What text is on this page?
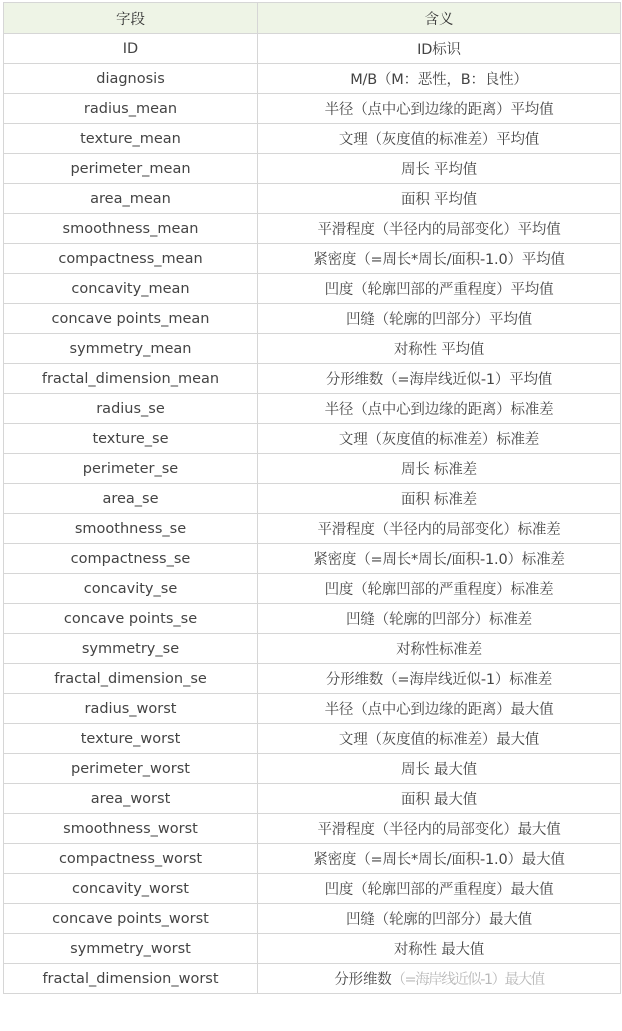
字段	含义
ID	ID标识
diagnosis	M/B（M：恶性，B：良性）
radius_mean	半径（点中心到边缘的距离）平均值
texture_mean	文理（灰度值的标准差）平均值
perimeter_mean	周长 平均值
area_mean	面积 平均值
smoothness_mean	平滑程度（半径内的局部变化）平均值
compactness_mean	紧密度（=周长*周长/面积-1.0）平均值
concavity_mean	凹度（轮廓凹部的严重程度）平均值
concave points_mean	凹缝（轮廓的凹部分）平均值
symmetry_mean	对称性 平均值
fractal_dimension_mean	分形维数（=海岸线近似-1）平均值
radius_se	半径（点中心到边缘的距离）标准差
texture_se	文理（灰度值的标准差）标准差
perimeter_se	周长 标准差
area_se	面积 标准差
smoothness_se	平滑程度（半径内的局部变化）标准差
compactness_se	紧密度（=周长*周长/面积-1.0）标准差
concavity_se	凹度（轮廓凹部的严重程度）标准差
concave points_se	凹缝（轮廓的凹部分）标准差
symmetry_se	对称性标准差
fractal_dimension_se	分形维数（=海岸线近似-1）标准差
radius_worst	半径（点中心到边缘的距离）最大值
texture_worst	文理（灰度值的标准差）最大值
perimeter_worst	周长 最大值
area_worst	面积 最大值
smoothness_worst	平滑程度（半径内的局部变化）最大值
compactness_worst	紧密度（=周长*周长/面积-1.0）最大值
concavity_worst	凹度（轮廓凹部的严重程度）最大值
concave points_worst	凹缝（轮廓的凹部分）最大值
symmetry_worst	对称性 最大值
fractal_dimension_worst	分形维数（=海岸线近似-1）最大值
